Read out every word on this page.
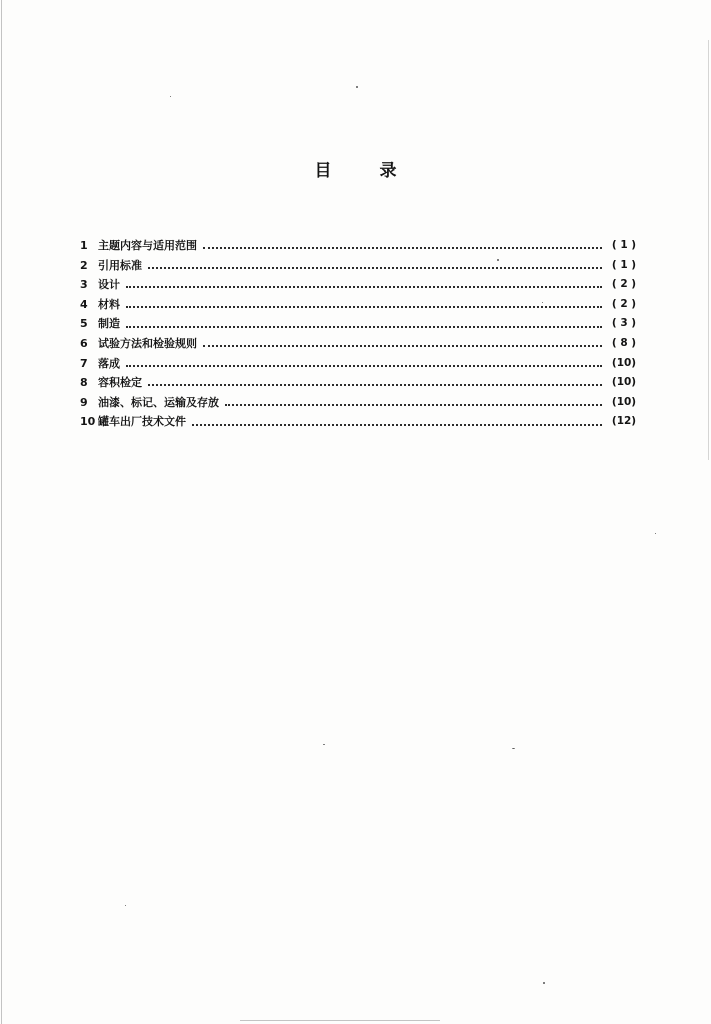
目	录
1 主题内容与适用范围	( 1 )
2 引用标准	( 1 )
3 设计	( 2 )
4 材料	( 2 )
5 制造	( 3 )
6 试验方法和检验规则	( 8 )
7 落成	(10)
8 容积检定	(10)
9 油漆、标记、运输及存放	(10)
10 罐车出厂技术文件	(12)
